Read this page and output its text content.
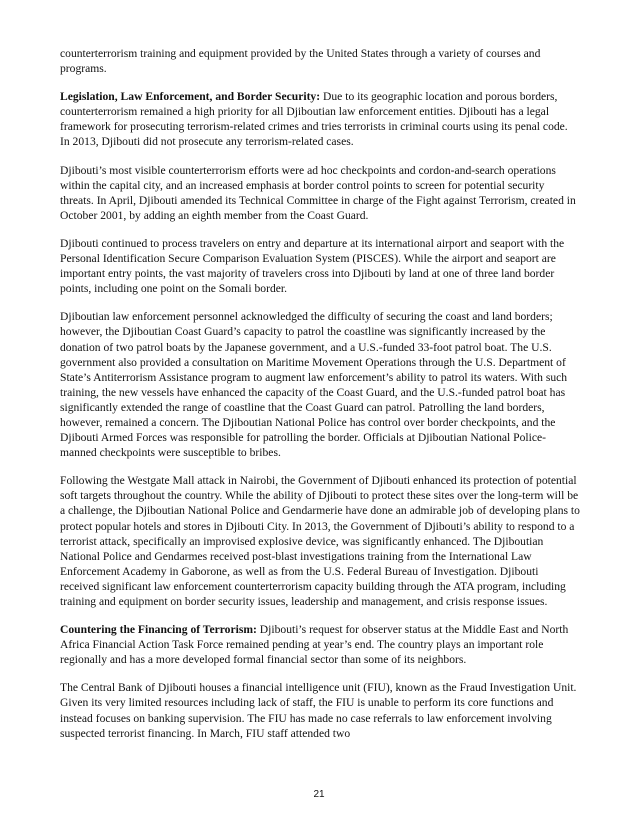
counterterrorism training and equipment provided by the United States through a variety of courses and programs.

Legislation, Law Enforcement, and Border Security: Due to its geographic location and porous borders, counterterrorism remained a high priority for all Djiboutian law enforcement entities. Djibouti has a legal framework for prosecuting terrorism-related crimes and tries terrorists in criminal courts using its penal code. In 2013, Djibouti did not prosecute any terrorism-related cases.

Djibouti’s most visible counterterrorism efforts were ad hoc checkpoints and cordon-and-search operations within the capital city, and an increased emphasis at border control points to screen for potential security threats. In April, Djibouti amended its Technical Committee in charge of the Fight against Terrorism, created in October 2001, by adding an eighth member from the Coast Guard.

Djibouti continued to process travelers on entry and departure at its international airport and seaport with the Personal Identification Secure Comparison Evaluation System (PISCES). While the airport and seaport are important entry points, the vast majority of travelers cross into Djibouti by land at one of three land border points, including one point on the Somali border.

Djiboutian law enforcement personnel acknowledged the difficulty of securing the coast and land borders; however, the Djiboutian Coast Guard’s capacity to patrol the coastline was significantly increased by the donation of two patrol boats by the Japanese government, and a U.S.-funded 33-foot patrol boat. The U.S. government also provided a consultation on Maritime Movement Operations through the U.S. Department of State’s Antiterrorism Assistance program to augment law enforcement’s ability to patrol its waters. With such training, the new vessels have enhanced the capacity of the Coast Guard, and the U.S.-funded patrol boat has significantly extended the range of coastline that the Coast Guard can patrol. Patrolling the land borders, however, remained a concern. The Djiboutian National Police has control over border checkpoints, and the Djibouti Armed Forces was responsible for patrolling the border. Officials at Djiboutian National Police-manned checkpoints were susceptible to bribes.

Following the Westgate Mall attack in Nairobi, the Government of Djibouti enhanced its protection of potential soft targets throughout the country. While the ability of Djibouti to protect these sites over the long-term will be a challenge, the Djiboutian National Police and Gendarmerie have done an admirable job of developing plans to protect popular hotels and stores in Djibouti City. In 2013, the Government of Djibouti’s ability to respond to a terrorist attack, specifically an improvised explosive device, was significantly enhanced. The Djiboutian National Police and Gendarmes received post-blast investigations training from the International Law Enforcement Academy in Gaborone, as well as from the U.S. Federal Bureau of Investigation. Djibouti received significant law enforcement counterterrorism capacity building through the ATA program, including training and equipment on border security issues, leadership and management, and crisis response issues.

Countering the Financing of Terrorism: Djibouti’s request for observer status at the Middle East and North Africa Financial Action Task Force remained pending at year’s end. The country plays an important role regionally and has a more developed formal financial sector than some of its neighbors.

The Central Bank of Djibouti houses a financial intelligence unit (FIU), known as the Fraud Investigation Unit. Given its very limited resources including lack of staff, the FIU is unable to perform its core functions and instead focuses on banking supervision. The FIU has made no case referrals to law enforcement involving suspected terrorist financing. In March, FIU staff attended two

21
